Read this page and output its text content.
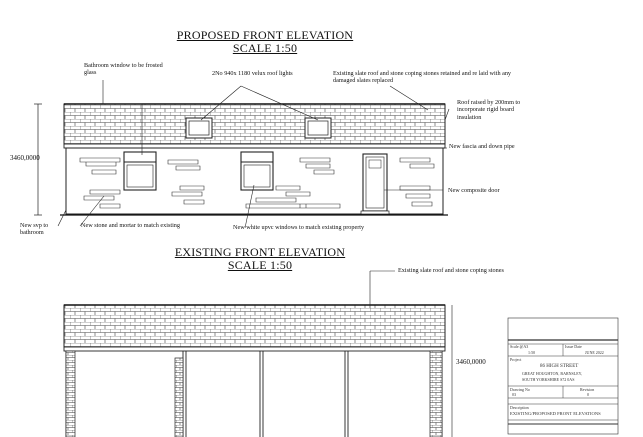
PROPOSED FRONT ELEVATION
SCALE 1:50
EXISTING FRONT ELEVATION
SCALE 1:50
Bathroom window to be frosted glass	2No 940x 1180 velux roof lights	Existing slate roof and stone coping stones retained and re laid with any damaged slates replaced
Roof raised by 200mm to incorporate rigid board insulation
New fascia and down pipe
New composite door
New svp to bathroom
New stone and mortar to match existing	New white upvc windows to match existing property
3460,0000
3460,0000
Existing slate roof and stone coping stones
Scale @A3
1:50
Issue Date
JUNE 2022
Project
86 HIGH STREET
GREAT HOUGHTON, BARNSLEY,
SOUTH YORKSHIRE S72 0AS
Drawing No
03
Revision
0
Description
EXISTING/PROPOSED FRONT ELEVATIONS
